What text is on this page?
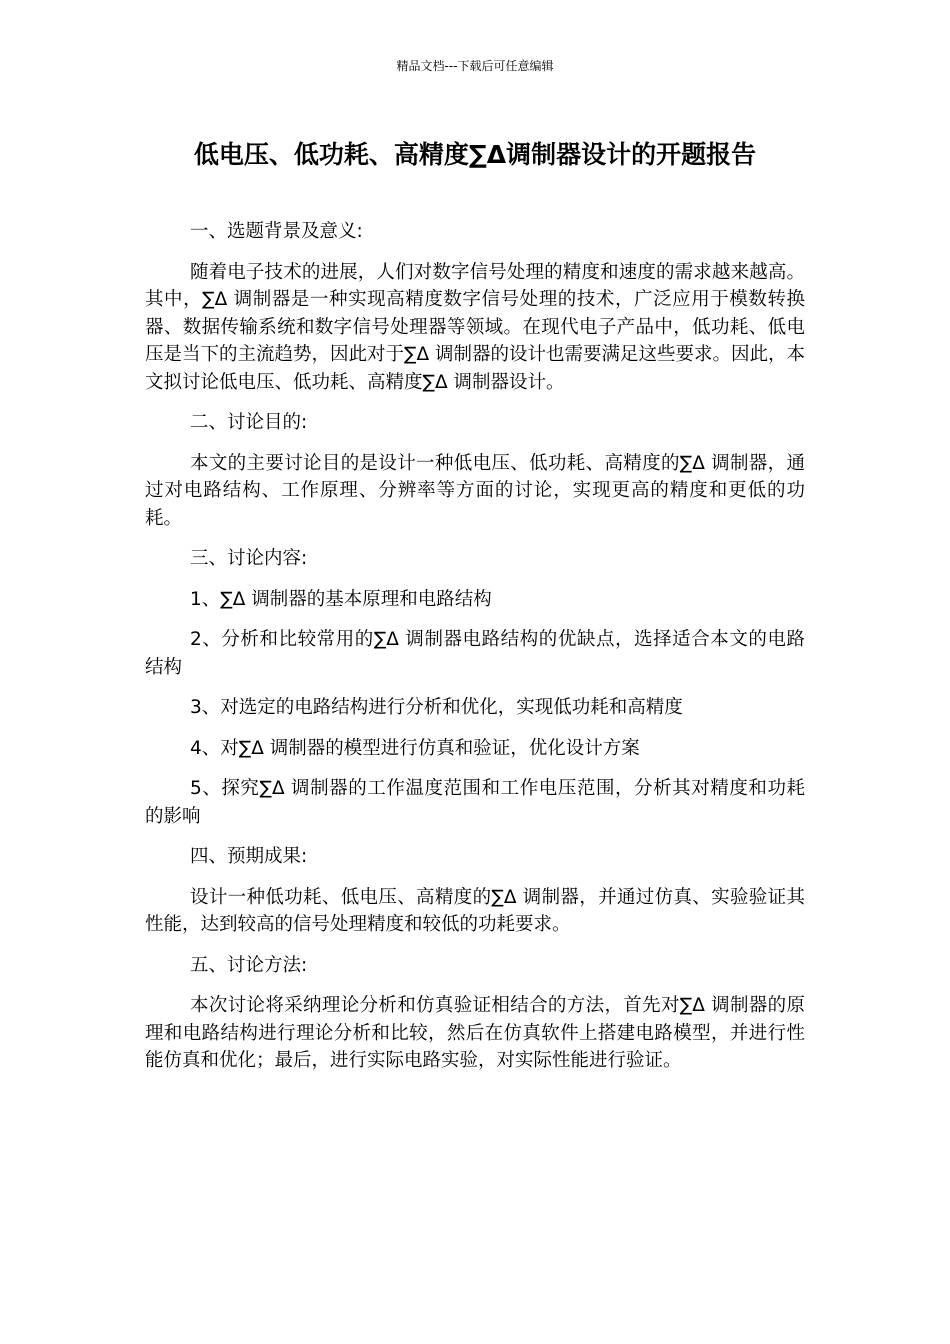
精品文档---下载后可任意编辑
低电压、低功耗、高精度∑Δ调制器设计的开题报告

一、选题背景及意义:

随着电子技术的进展，人们对数字信号处理的精度和速度的需求越来越高。其中，∑Δ 调制器是一种实现高精度数字信号处理的技术，广泛应用于模数转换器、数据传输系统和数字信号处理器等领域。在现代电子产品中，低功耗、低电压是当下的主流趋势，因此对于∑Δ 调制器的设计也需要满足这些要求。因此，本文拟讨论低电压、低功耗、高精度∑Δ 调制器设计。

二、讨论目的:

本文的主要讨论目的是设计一种低电压、低功耗、高精度的∑Δ 调制器，通过对电路结构、工作原理、分辨率等方面的讨论，实现更高的精度和更低的功耗。

三、讨论内容:

1、∑Δ 调制器的基本原理和电路结构

2、分析和比较常用的∑Δ 调制器电路结构的优缺点，选择适合本文的电路结构

3、对选定的电路结构进行分析和优化，实现低功耗和高精度

4、对∑Δ 调制器的模型进行仿真和验证，优化设计方案

5、探究∑Δ 调制器的工作温度范围和工作电压范围，分析其对精度和功耗的影响

四、预期成果:

设计一种低功耗、低电压、高精度的∑Δ 调制器，并通过仿真、实验验证其性能，达到较高的信号处理精度和较低的功耗要求。

五、讨论方法:

本次讨论将采纳理论分析和仿真验证相结合的方法，首先对∑Δ 调制器的原理和电路结构进行理论分析和比较，然后在仿真软件上搭建电路模型，并进行性能仿真和优化；最后，进行实际电路实验，对实际性能进行验证。
